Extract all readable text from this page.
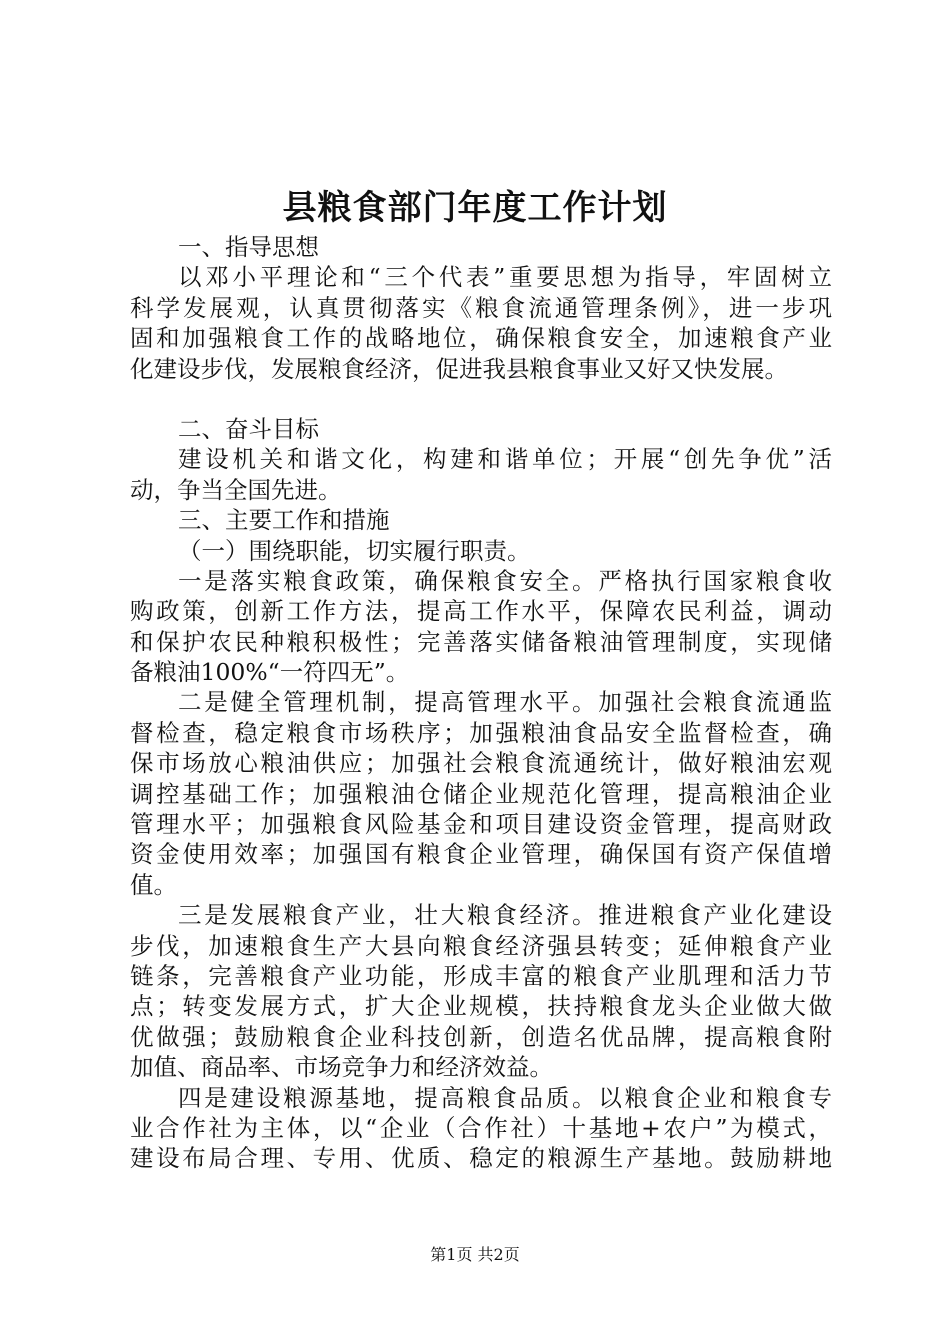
县粮食部门年度工作计划
一、指导思想
以邓小平理论和“三个代表”重要思想为指导，牢固树立
科学发展观，认真贯彻落实《粮食流通管理条例》，进一步巩
固和加强粮食工作的战略地位，确保粮食安全，加速粮食产业
化建设步伐，发展粮食经济，促进我县粮食事业又好又快发展。
二、奋斗目标
建设机关和谐文化，构建和谐单位；开展“创先争优”活
动，争当全国先进。
三、主要工作和措施
（一）围绕职能，切实履行职责。
一是落实粮食政策，确保粮食安全。严格执行国家粮食收
购政策，创新工作方法，提高工作水平，保障农民利益，调动
和保护农民种粮积极性；完善落实储备粮油管理制度，实现储
备粮油100%“一符四无”。
二是健全管理机制，提高管理水平。加强社会粮食流通监
督检查，稳定粮食市场秩序；加强粮油食品安全监督检查，确
保市场放心粮油供应；加强社会粮食流通统计，做好粮油宏观
调控基础工作；加强粮油仓储企业规范化管理，提高粮油企业
管理水平；加强粮食风险基金和项目建设资金管理，提高财政
资金使用效率；加强国有粮食企业管理，确保国有资产保值增
值。
三是发展粮食产业，壮大粮食经济。推进粮食产业化建设
步伐，加速粮食生产大县向粮食经济强县转变；延伸粮食产业
链条，完善粮食产业功能，形成丰富的粮食产业肌理和活力节
点；转变发展方式，扩大企业规模，扶持粮食龙头企业做大做
优做强；鼓励粮食企业科技创新，创造名优品牌，提高粮食附
加值、商品率、市场竞争力和经济效益。
四是建设粮源基地，提高粮食品质。以粮食企业和粮食专
业合作社为主体，以“企业（合作社）十基地+农户”为模式，
建设布局合理、专用、优质、稳定的粮源生产基地。鼓励耕地
第1页 共2页
